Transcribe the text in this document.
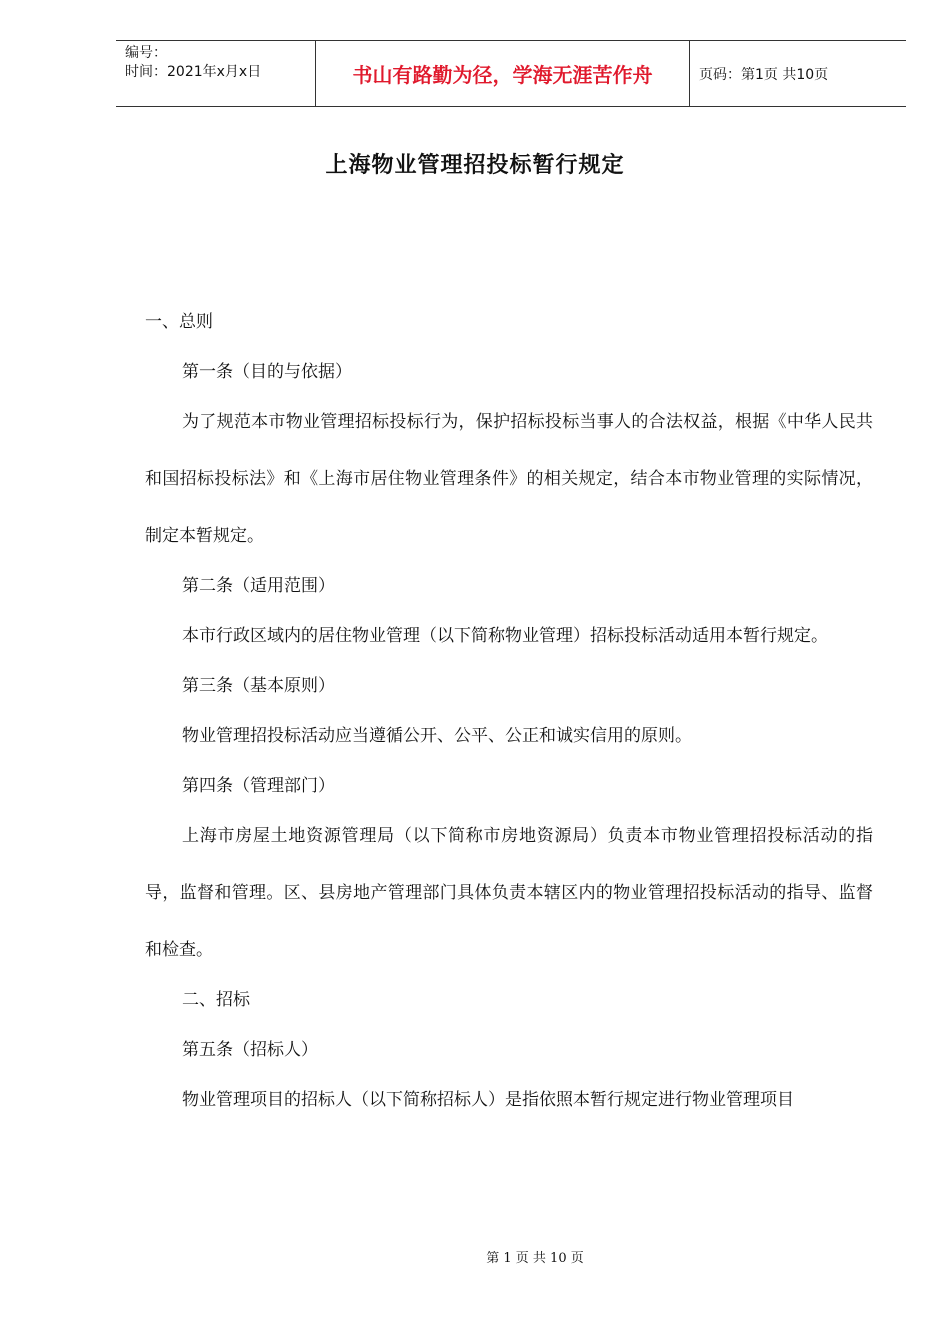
编号：
时间：2021年x月x日	书山有路勤为径，学海无涯苦作舟	页码：第1页 共10页
上海物业管理招投标暂行规定

一、总则

第一条（目的与依据）

为了规范本市物业管理招标投标行为，保护招标投标当事人的合法权益，根据《中华人民共和国招标投标法》和《上海市居住物业管理条件》的相关规定，结合本市物业管理的实际情况，制定本暂规定。

第二条（适用范围）

本市行政区域内的居住物业管理（以下简称物业管理）招标投标活动适用本暂行规定。

第三条（基本原则）

物业管理招投标活动应当遵循公开、公平、公正和诚实信用的原则。

第四条（管理部门）

上海市房屋土地资源管理局（以下简称市房地资源局）负责本市物业管理招投标活动的指导，监督和管理。区、县房地产管理部门具体负责本辖区内的物业管理招投标活动的指导、监督和检查。

二、招标

第五条（招标人）

物业管理项目的招标人（以下简称招标人）是指依照本暂行规定进行物业管理项目

第 1 页 共 10 页
